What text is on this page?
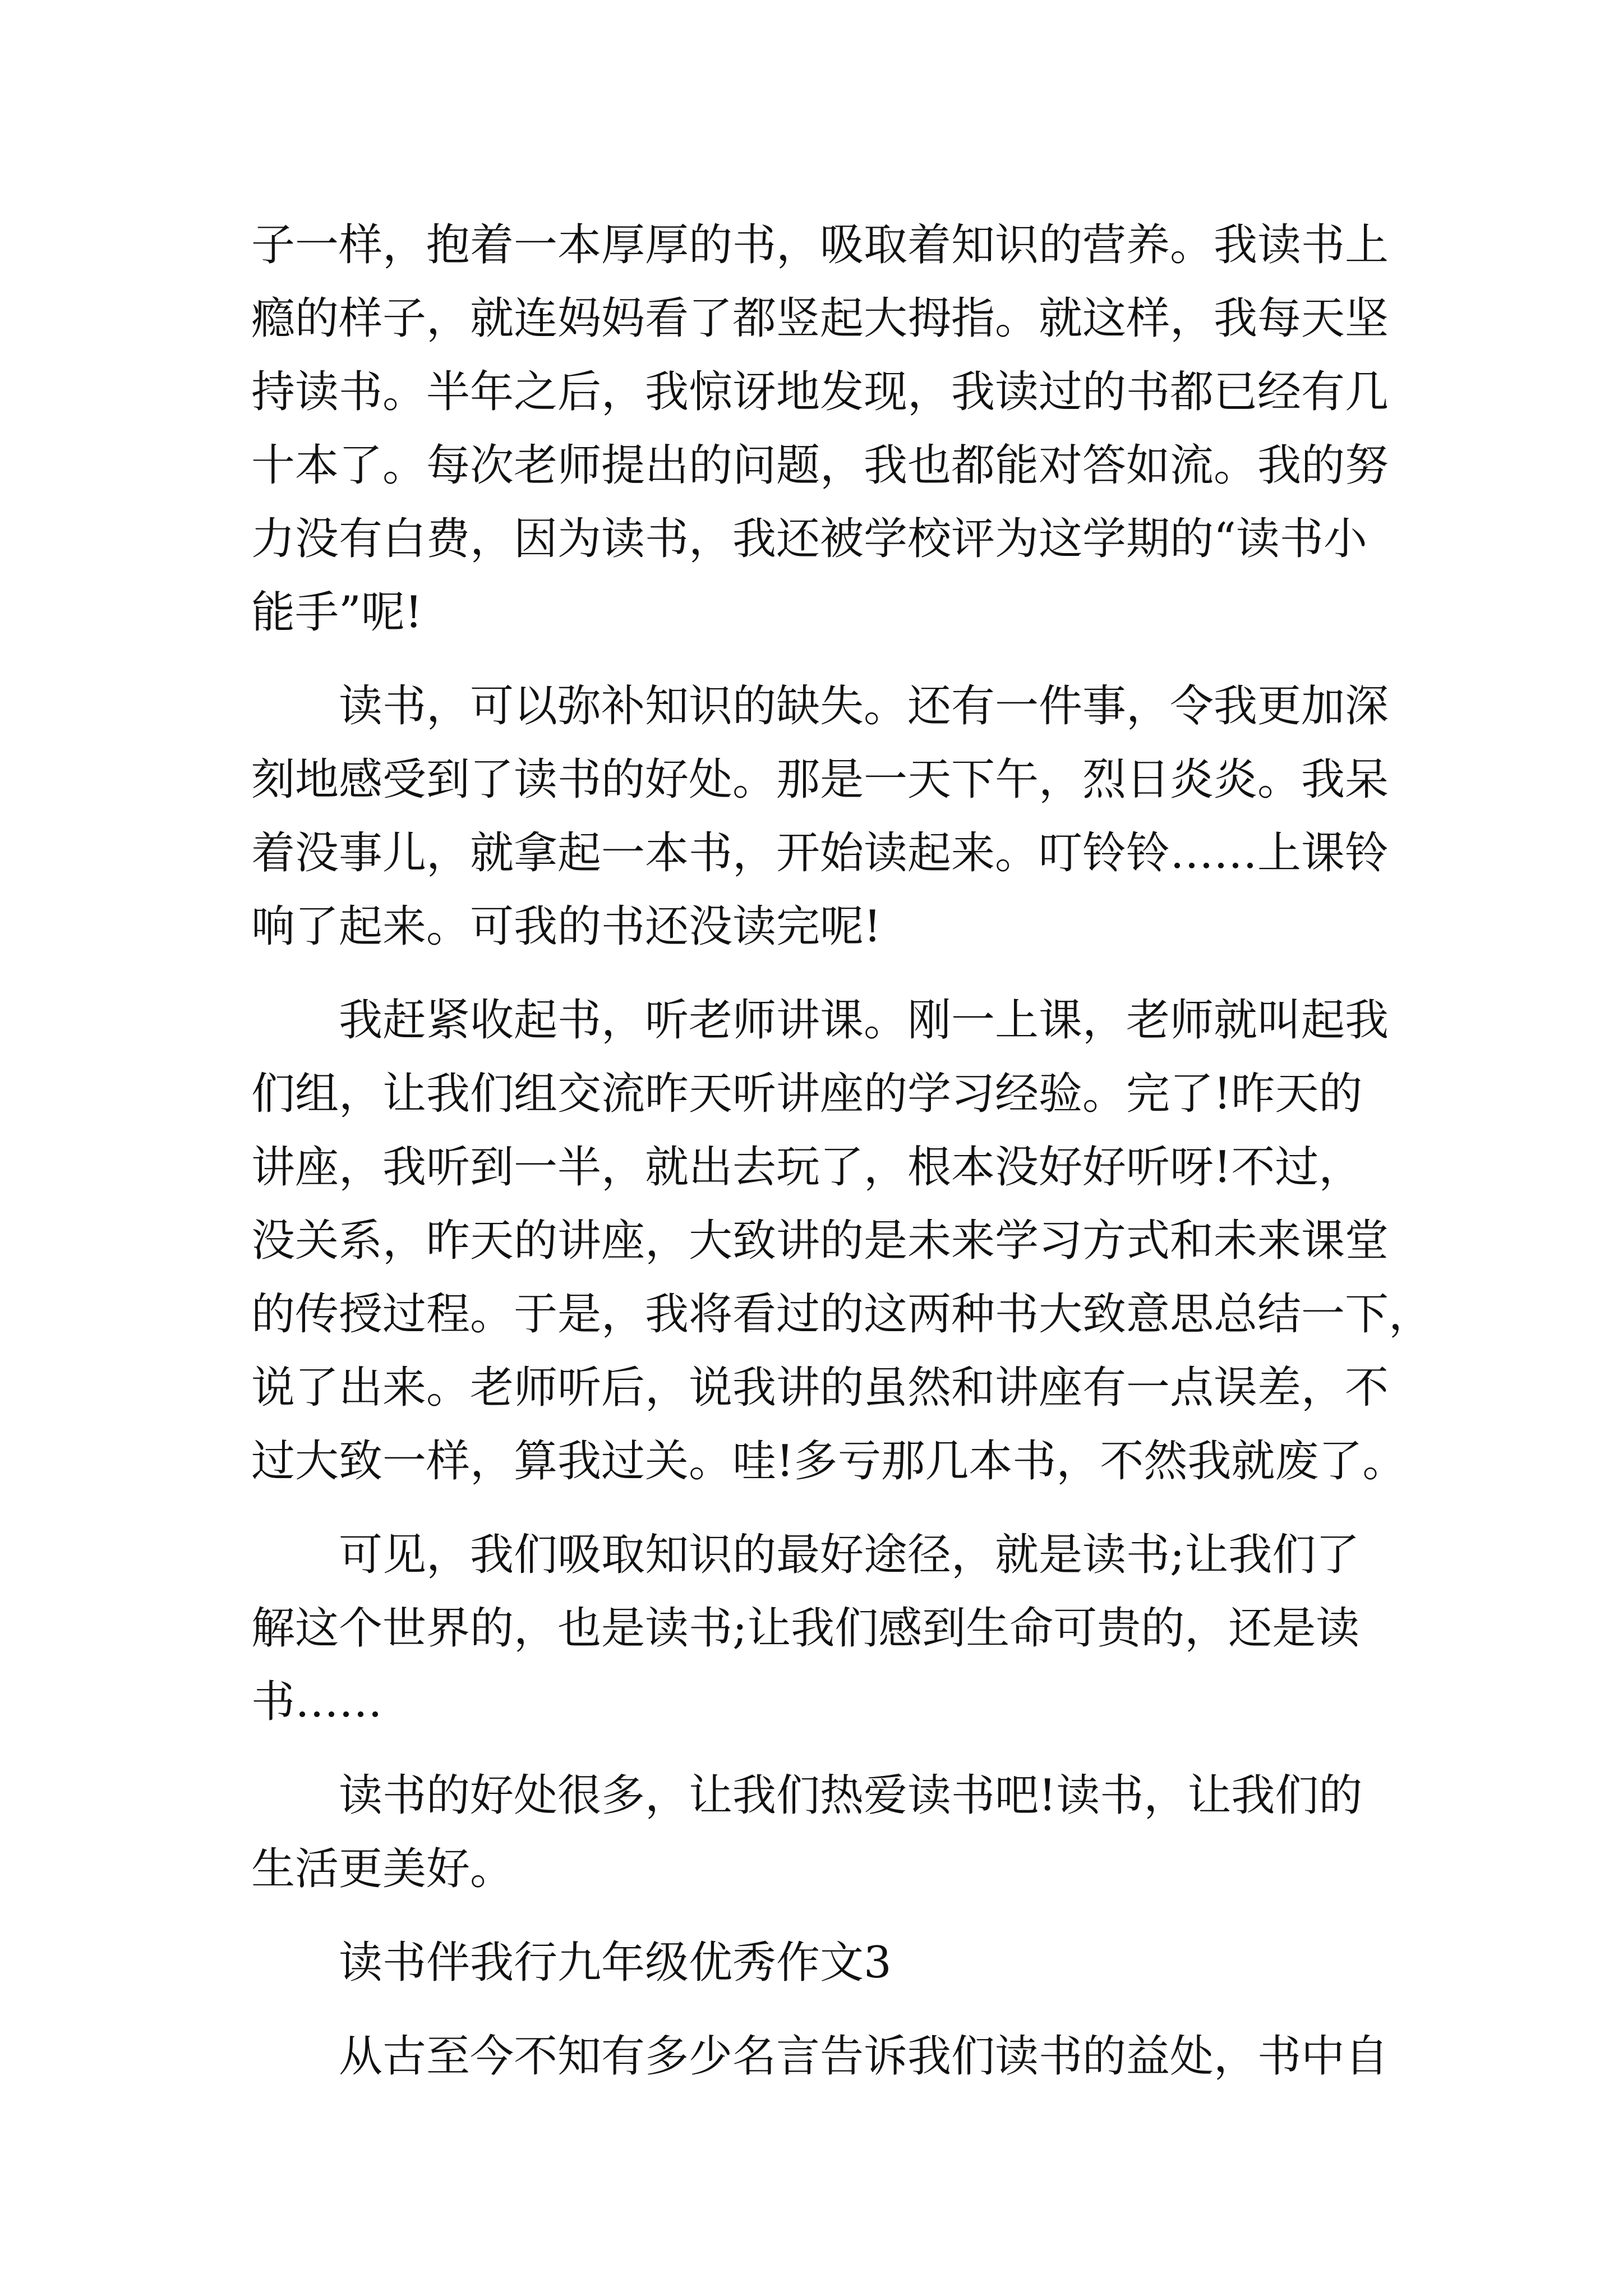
子一样，抱着一本厚厚的书，吸取着知识的营养。我读书上
瘾的样子，就连妈妈看了都竖起大拇指。就这样，我每天坚
持读书。半年之后，我惊讶地发现，我读过的书都已经有几
十本了。每次老师提出的问题，我也都能对答如流。我的努
力没有白费，因为读书，我还被学校评为这学期的“读书小
能手”呢!
读书，可以弥补知识的缺失。还有一件事，令我更加深
刻地感受到了读书的好处。那是一天下午，烈日炎炎。我呆
着没事儿，就拿起一本书，开始读起来。叮铃铃……上课铃
响了起来。可我的书还没读完呢!
我赶紧收起书，听老师讲课。刚一上课，老师就叫起我
们组，让我们组交流昨天听讲座的学习经验。完了!昨天的
讲座，我听到一半，就出去玩了，根本没好好听呀!不过，
没关系，昨天的讲座，大致讲的是未来学习方式和未来课堂
的传授过程。于是，我将看过的这两种书大致意思总结一下，
说了出来。老师听后，说我讲的虽然和讲座有一点误差，不
过大致一样，算我过关。哇!多亏那几本书，不然我就废了。
可见，我们吸取知识的最好途径，就是读书;让我们了
解这个世界的，也是读书;让我们感到生命可贵的，还是读
书……
读书的好处很多，让我们热爱读书吧!读书，让我们的
生活更美好。
读书伴我行九年级优秀作文3
从古至今不知有多少名言告诉我们读书的益处，书中自
